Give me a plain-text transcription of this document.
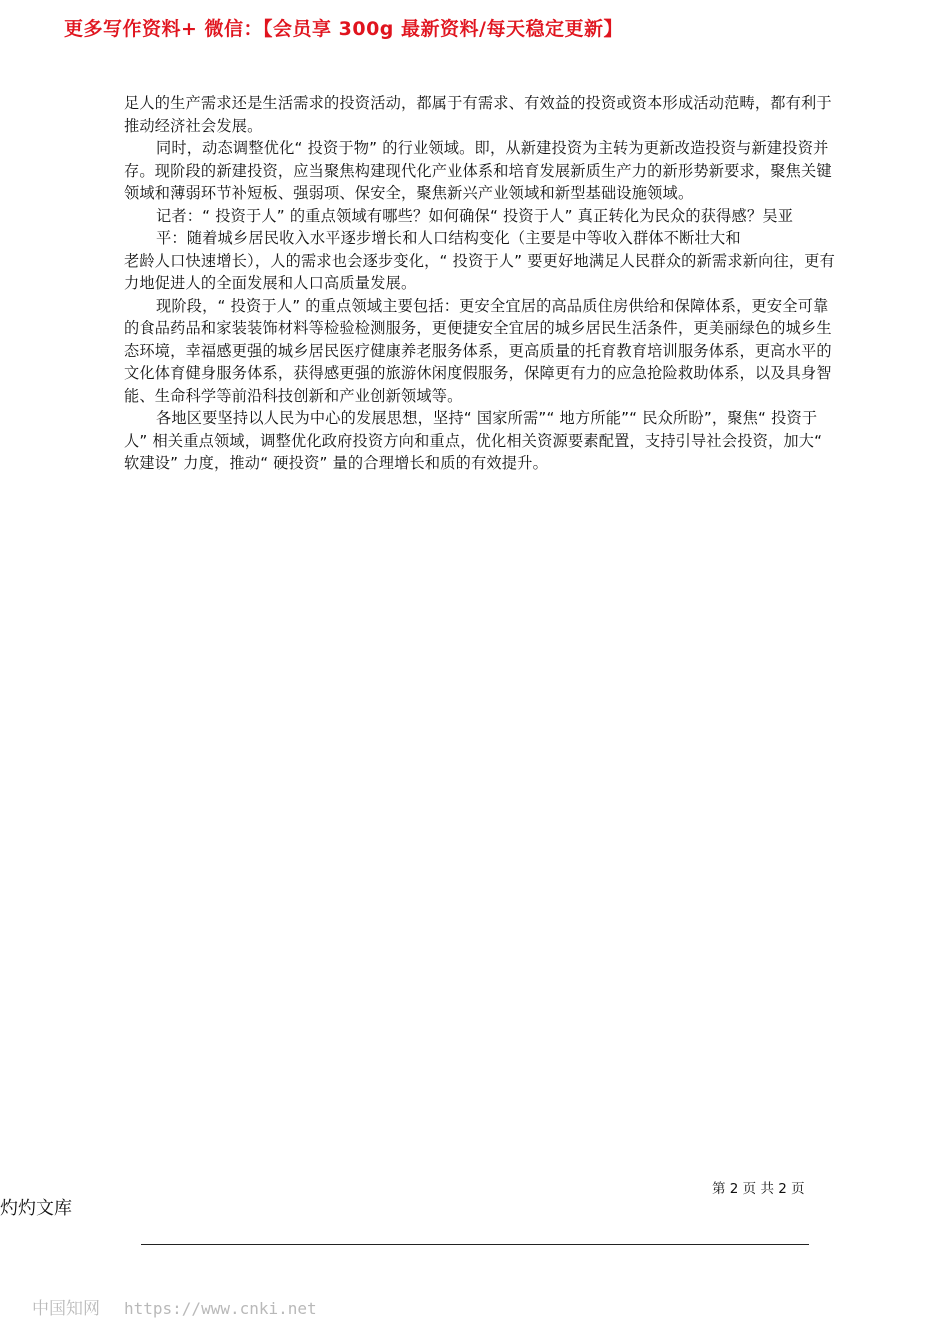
更多写作资料+ 微信：【会员享 300g 最新资料/每天稳定更新】

足人的生产需求还是生活需求的投资活动，都属于有需求、有效益的投资或资本形成活动范畴，都有利于推动经济社会发展。

同时，动态调整优化“ 投资于物” 的行业领域。即，从新建投资为主转为更新改造投资与新建投资并存。现阶段的新建投资，应当聚焦构建现代化产业体系和培育发展新质生产力的新形势新要求，聚焦关键领域和薄弱环节补短板、强弱项、保安全，聚焦新兴产业领域和新型基础设施领域。

记者：“ 投资于人” 的重点领域有哪些？如何确保“ 投资于人” 真正转化为民众的获得感？吴亚
平：随着城乡居民收入水平逐步增长和人口结构变化（主要是中等收入群体不断壮大和
老龄人口快速增长），人的需求也会逐步变化，“ 投资于人” 要更好地满足人民群众的新需求新向往，更有力地促进人的全面发展和人口高质量发展。

现阶段，“ 投资于人” 的重点领域主要包括：更安全宜居的高品质住房供给和保障体系，更安全可靠的食品药品和家装装饰材料等检验检测服务，更便捷安全宜居的城乡居民生活条件，更美丽绿色的城乡生态环境，幸福感更强的城乡居民医疗健康养老服务体系，更高质量的托育教育培训服务体系，更高水平的文化体育健身服务体系，获得感更强的旅游休闲度假服务，保障更有力的应急抢险救助体系，以及具身智能、生命科学等前沿科技创新和产业创新领域等。

各地区要坚持以人民为中心的发展思想，坚持“ 国家所需”“ 地方所能”“ 民众所盼”，聚焦“ 投资于人” 相关重点领域，调整优化政府投资方向和重点，优化相关资源要素配置，支持引导社会投资，加大“ 软建设” 力度，推动“ 硬投资” 量的合理增长和质的有效提升。

第 2 页 共 2 页
灼灼文库
中国知网 https://www.cnki.net
